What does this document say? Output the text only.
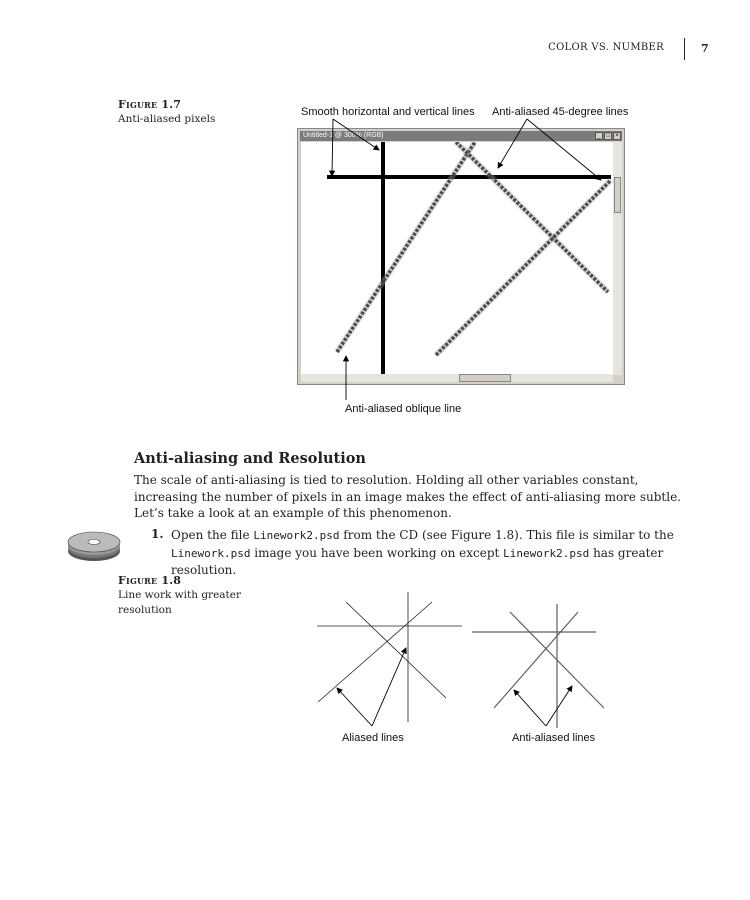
COLOR VS. NUMBER	7
Figure 1.7
Anti-aliased pixels
Smooth horizontal and vertical lines Anti-aliased 45-degree lines
Anti-aliased oblique line
Untitled-1 @ 300% (RGB)	_ □ ×
Anti-aliasing and Resolution
The scale of anti-aliasing is tied to resolution. Holding all other variables constant, increasing the number of pixels in an image makes the effect of anti-aliasing more subtle. Let’s take a look at an example of this phenomenon.
1. Open the file Linework2.psd from the CD (see Figure 1.8). This file is similar to the Linework.psd image you have been working on except Linework2.psd has greater resolution.
Figure 1.8
Line work with greater resolution
Aliased lines	Anti-aliased lines
